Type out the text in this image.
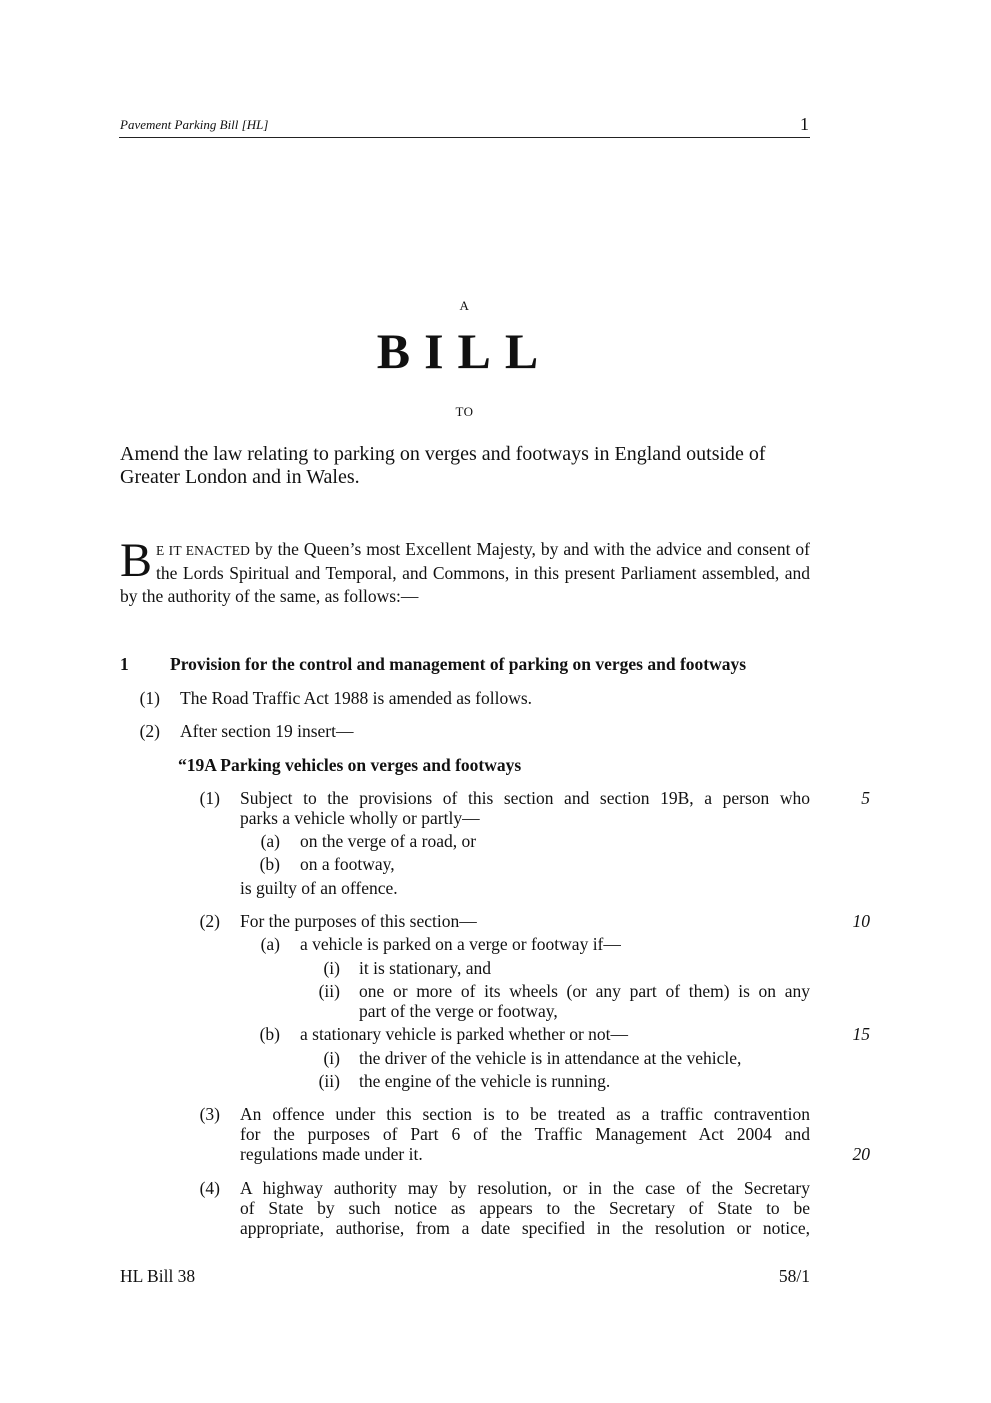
Pavement Parking Bill [HL]	1
A
BILL
TO
Amend the law relating to parking on verges and footways in England outside of Greater London and in Wales.
B E IT ENACTED by the Queen’s most Excellent Majesty, by and with the advice and consent of the Lords Spiritual and Temporal, and Commons, in this present Parliament assembled, and by the authority of the same, as follows:—
1 Provision for the control and management of parking on verges and footways
(1) The Road Traffic Act 1988 is amended as follows.
(2) After section 19 insert—
“19A Parking vehicles on verges and footways
(1) Subject to the provisions of this section and section 19B, a person who
parks a vehicle wholly or partly—
(a) on the verge of a road, or
(b) on a footway,
is guilty of an offence.
(2) For the purposes of this section—
(a) a vehicle is parked on a verge or footway if—
(i) it is stationary, and
(ii) one or more of its wheels (or any part of them) is on any
part of the verge or footway,
(b) a stationary vehicle is parked whether or not—
(i) the driver of the vehicle is in attendance at the vehicle,
(ii) the engine of the vehicle is running.
(3) An offence under this section is to be treated as a traffic contravention
for the purposes of Part 6 of the Traffic Management Act 2004 and
regulations made under it.
(4) A highway authority may by resolution, or in the case of the Secretary
of State by such notice as appears to the Secretary of State to be
appropriate, authorise, from a date specified in the resolution or notice,
5
10
15
20
HL Bill 38	58/1
